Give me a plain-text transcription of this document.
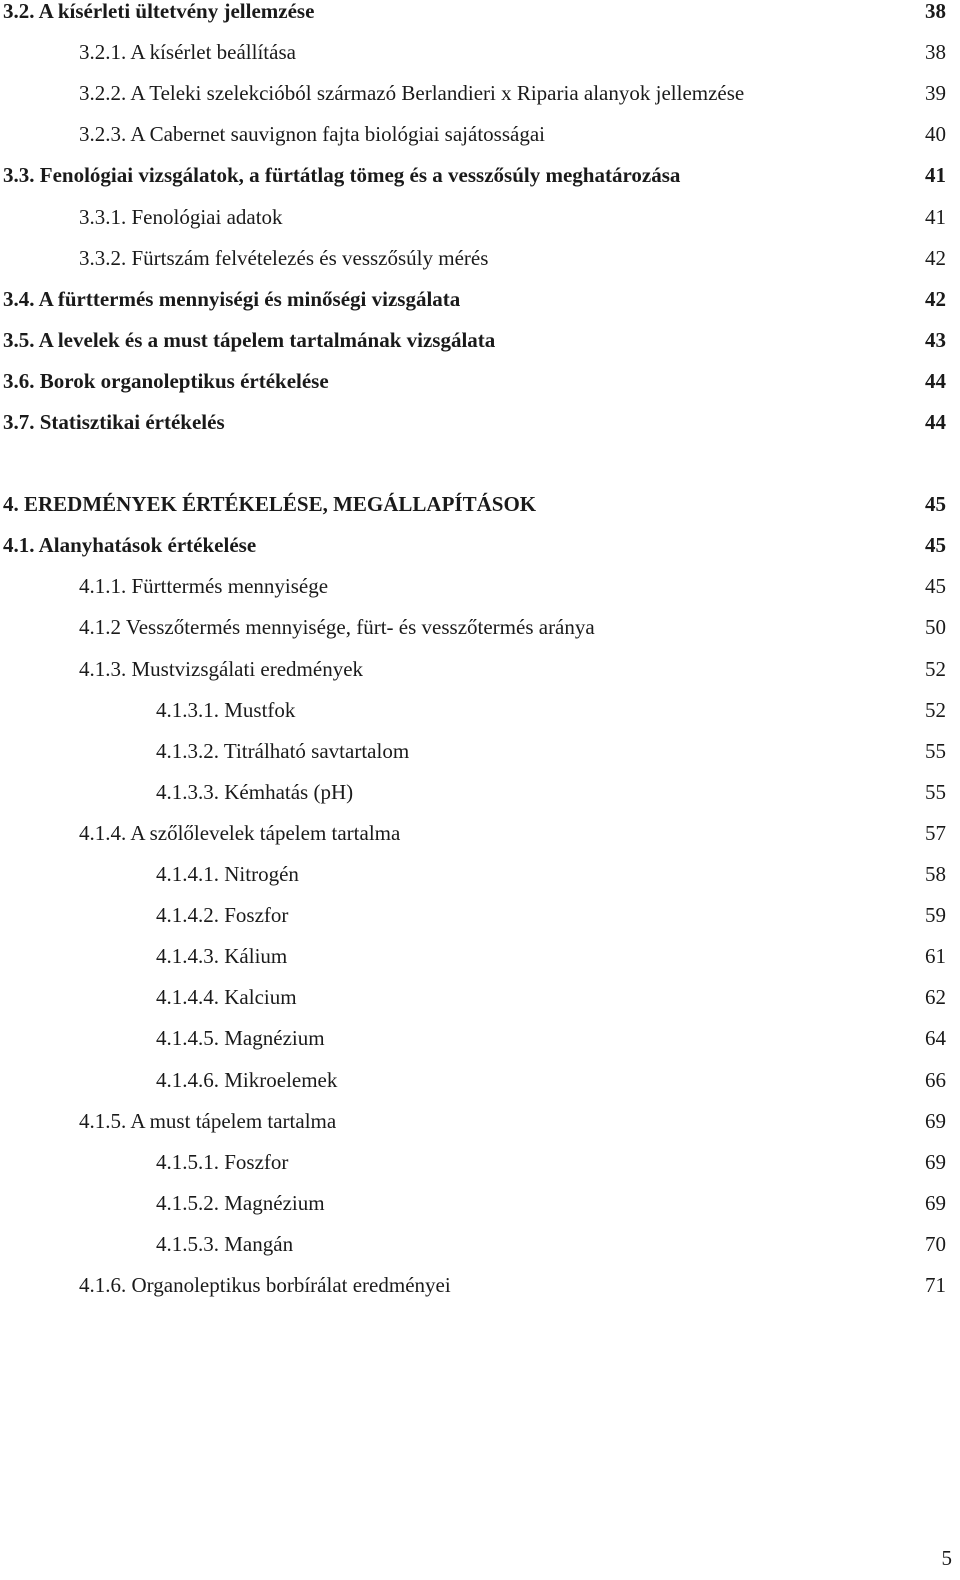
3.2. A kísérleti ültetvény jellemzése	38
3.2.1. A kísérlet beállítása	38
3.2.2. A Teleki szelekcióból származó Berlandieri x Riparia alanyok jellemzése	39
3.2.3. A Cabernet sauvignon fajta biológiai sajátosságai	40
3.3. Fenológiai vizsgálatok, a fürtátlag tömeg és a vesszősúly meghatározása	41
3.3.1. Fenológiai adatok	41
3.3.2. Fürtszám felvételezés és vesszősúly mérés	42
3.4. A fürttermés mennyiségi és minőségi vizsgálata	42
3.5. A levelek és a must tápelem tartalmának vizsgálata	43
3.6. Borok organoleptikus értékelése	44
3.7. Statisztikai értékelés	44
4. EREDMÉNYEK ÉRTÉKELÉSE, MEGÁLLAPÍTÁSOK	45
4.1. Alanyhatások értékelése	45
4.1.1. Fürttermés mennyisége	45
4.1.2 Vesszőtermés mennyisége, fürt- és vesszőtermés aránya	50
4.1.3. Mustvizsgálati eredmények	52
4.1.3.1. Mustfok	52
4.1.3.2. Titrálható savtartalom	55
4.1.3.3. Kémhatás (pH)	55
4.1.4. A szőlőlevelek tápelem tartalma	57
4.1.4.1. Nitrogén	58
4.1.4.2. Foszfor	59
4.1.4.3. Kálium	61
4.1.4.4. Kalcium	62
4.1.4.5. Magnézium	64
4.1.4.6. Mikroelemek	66
4.1.5. A must tápelem tartalma	69
4.1.5.1. Foszfor	69
4.1.5.2. Magnézium	69
4.1.5.3. Mangán	70
4.1.6. Organoleptikus borbírálat eredményei	71
5
